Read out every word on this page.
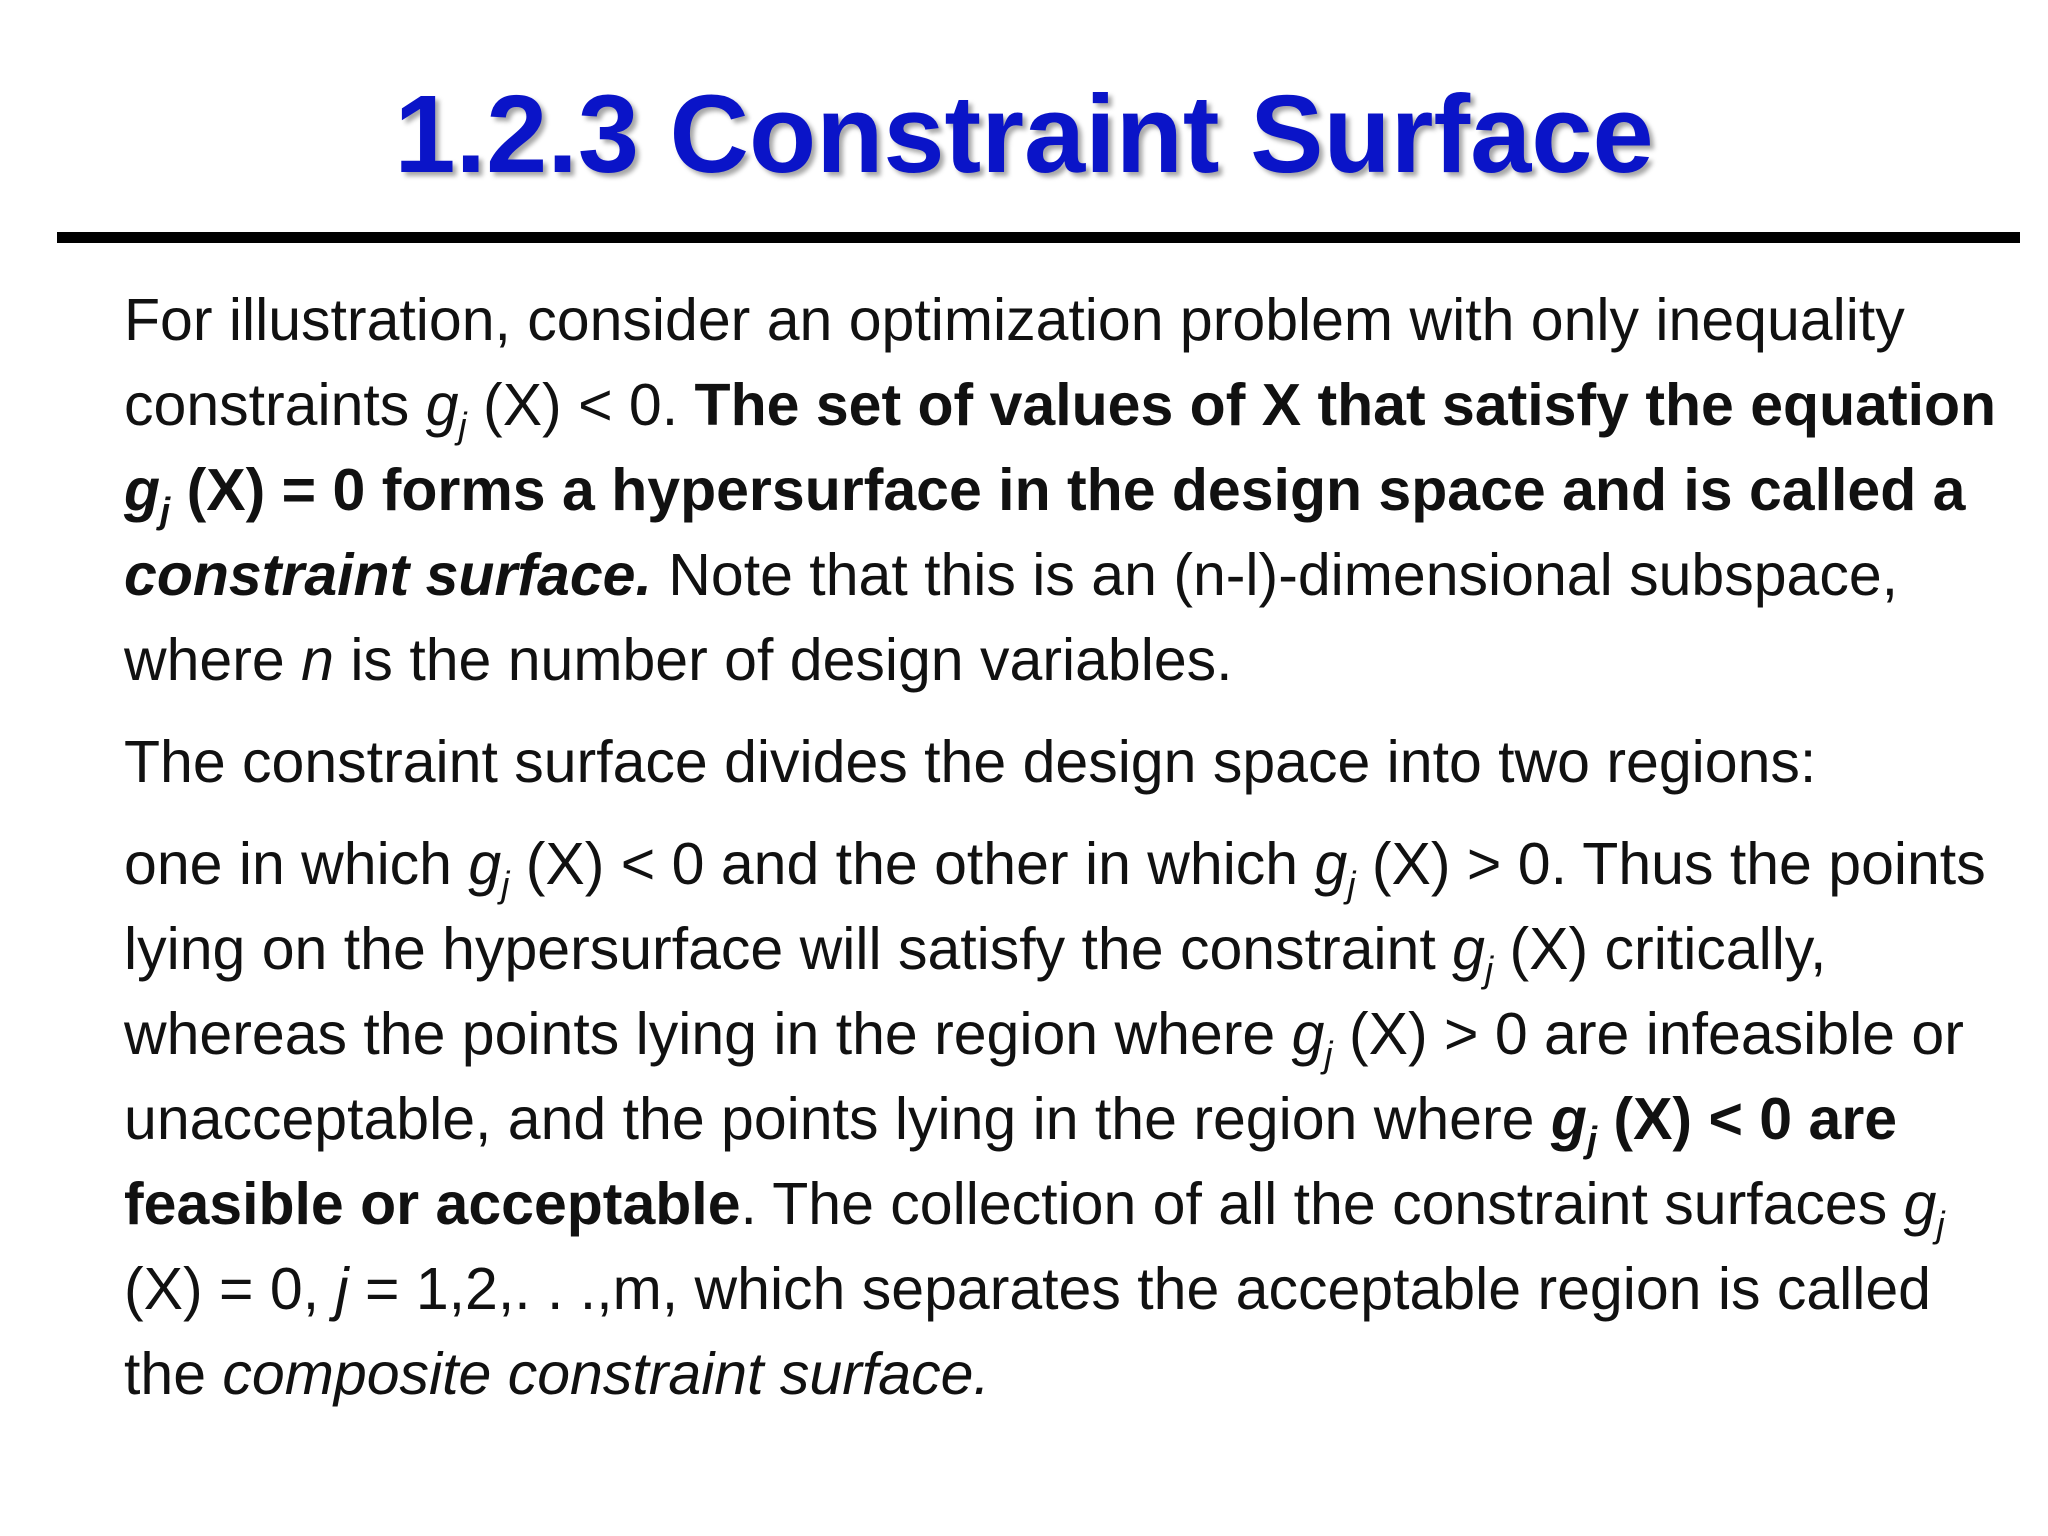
1.2.3 Constraint Surface

For illustration, consider an optimization problem with only inequality constraints $g_j$ (X) < 0. The set of values of X that satisfy the equation $g_j$ (X) = 0 forms a hypersurface in the design space and is called a constraint surface. Note that this is an (n-l)-dimensional subspace, where n is the number of design variables.

The constraint surface divides the design space into two regions:
one in which $g_j$ (X) < 0 and the other in which $g_j$ (X) > 0. Thus the points lying on the hypersurface will satisfy the constraint $g_j$ (X) critically, whereas the points lying in the region where $g_j$ (X) > 0 are infeasible or unacceptable, and the points lying in the region where $g_j$ (X) < 0 are feasible or acceptable. The collection of all the constraint surfaces $g_j$ (X) = 0, j = 1,2,. . .,m, which separates the acceptable region is called the composite constraint surface.
